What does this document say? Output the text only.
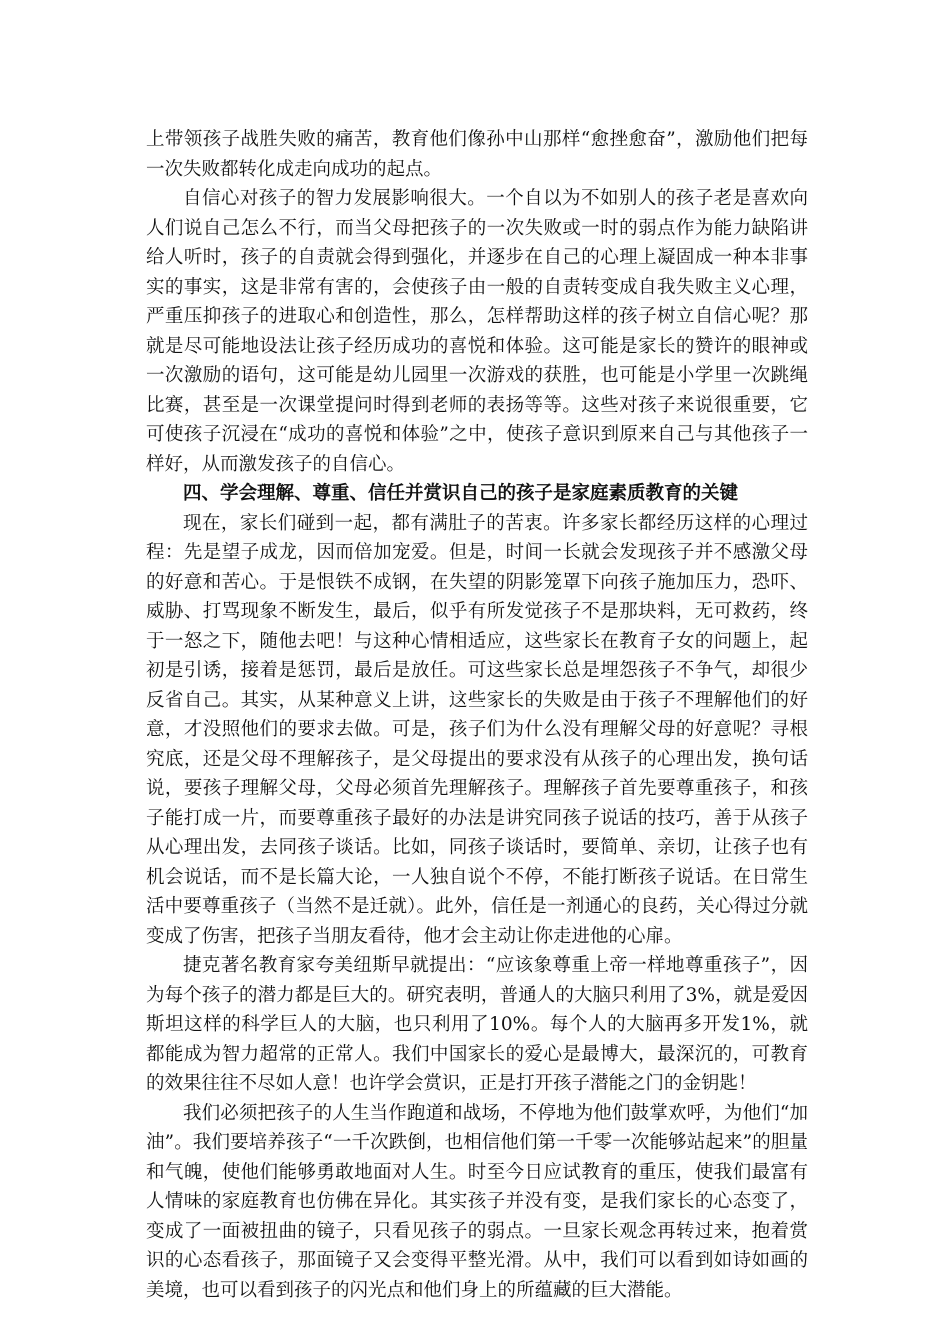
上带领孩子战胜失败的痛苦，教育他们像孙中山那样“愈挫愈奋”，激励他们把每一次失败都转化成走向成功的起点。

自信心对孩子的智力发展影响很大。一个自以为不如别人的孩子老是喜欢向人们说自己怎么不行，而当父母把孩子的一次失败或一时的弱点作为能力缺陷讲给人听时，孩子的自责就会得到强化，并逐步在自己的心理上凝固成一种本非事实的事实，这是非常有害的，会使孩子由一般的自责转变成自我失败主义心理，严重压抑孩子的进取心和创造性，那么，怎样帮助这样的孩子树立自信心呢？那就是尽可能地设法让孩子经历成功的喜悦和体验。这可能是家长的赞许的眼神或一次激励的语句，这可能是幼儿园里一次游戏的获胜，也可能是小学里一次跳绳比赛，甚至是一次课堂提问时得到老师的表扬等等。这些对孩子来说很重要，它可使孩子沉浸在“成功的喜悦和体验”之中，使孩子意识到原来自己与其他孩子一样好，从而激发孩子的自信心。

四、学会理解、尊重、信任并赏识自己的孩子是家庭素质教育的关键

现在，家长们碰到一起，都有满肚子的苦衷。许多家长都经历这样的心理过程：先是望子成龙，因而倍加宠爱。但是，时间一长就会发现孩子并不感激父母的好意和苦心。于是恨铁不成钢，在失望的阴影笼罩下向孩子施加压力，恐吓、威胁、打骂现象不断发生，最后，似乎有所发觉孩子不是那块料，无可救药，终于一怒之下，随他去吧！与这种心情相适应，这些家长在教育子女的问题上，起初是引诱，接着是惩罚，最后是放任。可这些家长总是埋怨孩子不争气，却很少反省自己。其实，从某种意义上讲，这些家长的失败是由于孩子不理解他们的好意，才没照他们的要求去做。可是，孩子们为什么没有理解父母的好意呢？寻根究底，还是父母不理解孩子，是父母提出的要求没有从孩子的心理出发，换句话说，要孩子理解父母，父母必须首先理解孩子。理解孩子首先要尊重孩子，和孩子能打成一片，而要尊重孩子最好的办法是讲究同孩子说话的技巧，善于从孩子从心理出发，去同孩子谈话。比如，同孩子谈话时，要简单、亲切，让孩子也有机会说话，而不是长篇大论，一人独自说个不停，不能打断孩子说话。在日常生活中要尊重孩子（当然不是迁就）。此外，信任是一剂通心的良药，关心得过分就变成了伤害，把孩子当朋友看待，他才会主动让你走进他的心扉。

捷克著名教育家夸美纽斯早就提出：“应该象尊重上帝一样地尊重孩子”，因为每个孩子的潜力都是巨大的。研究表明，普通人的大脑只利用了3%，就是爱因斯坦这样的科学巨人的大脑，也只利用了10%。每个人的大脑再多开发1%，就都能成为智力超常的正常人。我们中国家长的爱心是最博大，最深沉的，可教育的效果往往不尽如人意！也许学会赏识，正是打开孩子潜能之门的金钥匙！

我们必须把孩子的人生当作跑道和战场，不停地为他们鼓掌欢呼，为他们“加油”。我们要培养孩子“一千次跌倒，也相信他们第一千零一次能够站起来”的胆量和气魄，使他们能够勇敢地面对人生。时至今日应试教育的重压，使我们最富有人情味的家庭教育也仿佛在异化。其实孩子并没有变，是我们家长的心态变了，变成了一面被扭曲的镜子，只看见孩子的弱点。一旦家长观念再转过来，抱着赏识的心态看孩子，那面镜子又会变得平整光滑。从中，我们可以看到如诗如画的美境，也可以看到孩子的闪光点和他们身上的所蕴藏的巨大潜能。
